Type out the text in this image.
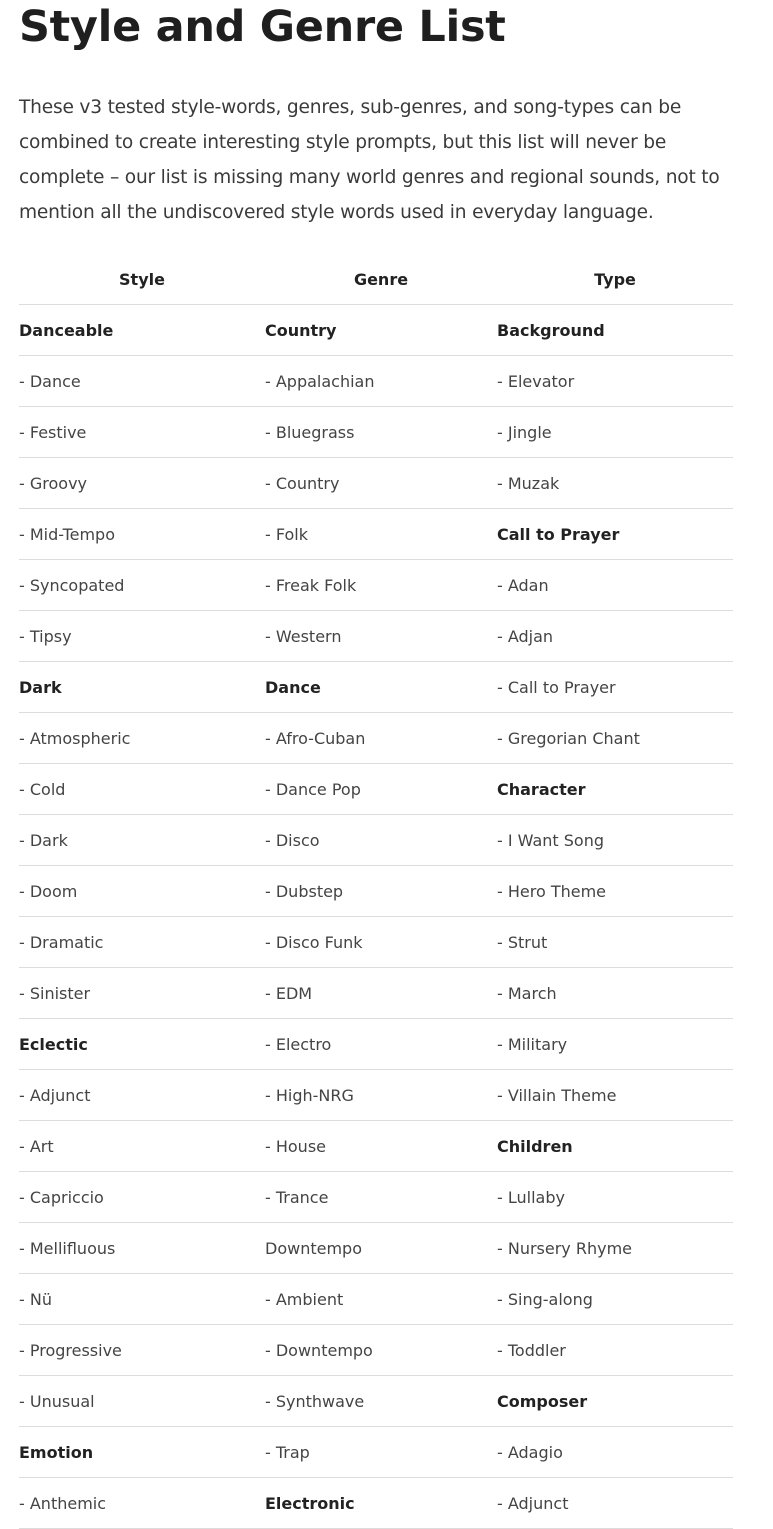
Style and Genre List

These v3 tested style-words, genres, sub-genres, and song-types can be combined to create interesting style prompts, but this list will never be complete – our list is missing many world genres and regional sounds, not to mention all the undiscovered style words used in everyday language.

Style	Genre	Type
Danceable	Country	Background
- Dance	- Appalachian	- Elevator
- Festive	- Bluegrass	- Jingle
- Groovy	- Country	- Muzak
- Mid-Tempo	- Folk	Call to Prayer
- Syncopated	- Freak Folk	- Adan
- Tipsy	- Western	- Adjan
Dark	Dance	- Call to Prayer
- Atmospheric	- Afro-Cuban	- Gregorian Chant
- Cold	- Dance Pop	Character
- Dark	- Disco	- I Want Song
- Doom	- Dubstep	- Hero Theme
- Dramatic	- Disco Funk	- Strut
- Sinister	- EDM	- March
Eclectic	- Electro	- Military
- Adjunct	- High-NRG	- Villain Theme
- Art	- House	Children
- Capriccio	- Trance	- Lullaby
- Mellifluous	Downtempo	- Nursery Rhyme
- Nü	- Ambient	- Sing-along
- Progressive	- Downtempo	- Toddler
- Unusual	- Synthwave	Composer
Emotion	- Trap	- Adagio
- Anthemic	Electronic	- Adjunct
